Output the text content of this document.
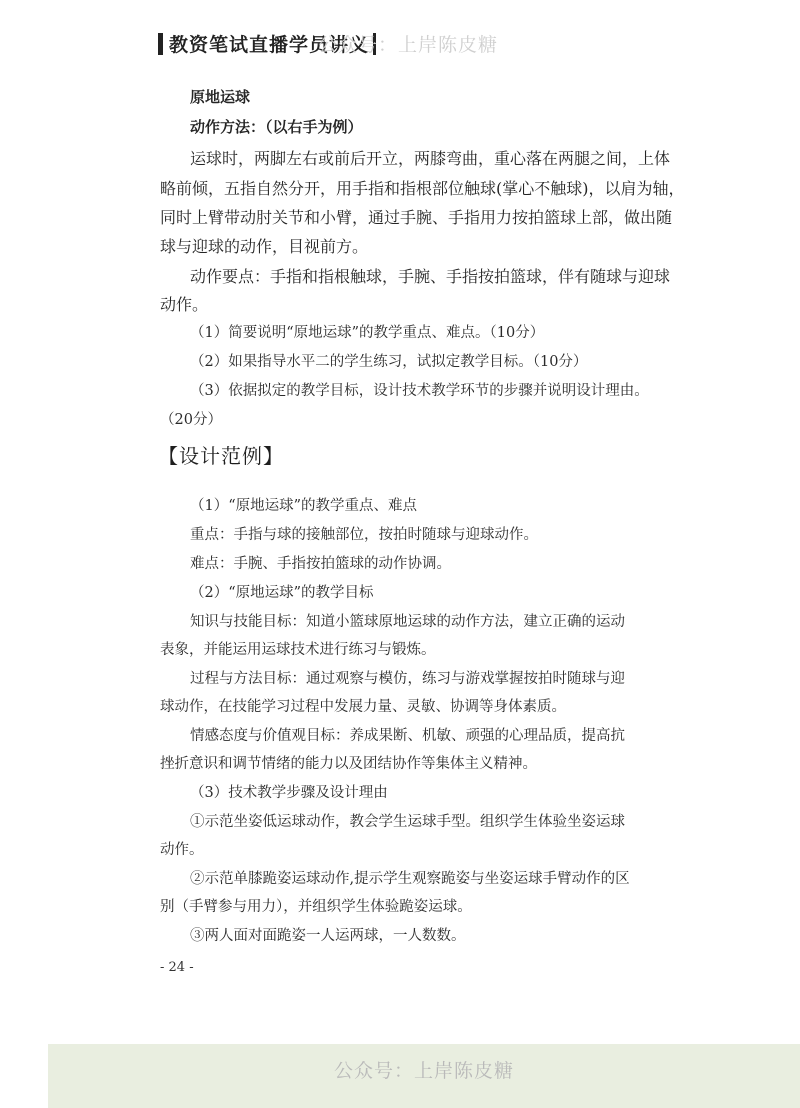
教资笔试直播学员讲义
公众号：上岸陈皮糖
原地运球
动作方法：（以右手为例）
运球时，两脚左右或前后开立，两膝弯曲，重心落在两腿之间，上体
略前倾，五指自然分开，用手指和指根部位触球(掌心不触球)，以肩为轴，
同时上臂带动肘关节和小臂，通过手腕、手指用力按拍篮球上部，做出随
球与迎球的动作，目视前方。
动作要点：手指和指根触球，手腕、手指按拍篮球，伴有随球与迎球
动作。
（1）简要说明“原地运球”的教学重点、难点。（10分）
（2）如果指导水平二的学生练习，试拟定教学目标。（10分）
（3）依据拟定的教学目标，设计技术教学环节的步骤并说明设计理由。
（20分）
【设计范例】
（1）“原地运球”的教学重点、难点
重点：手指与球的接触部位，按拍时随球与迎球动作。
难点：手腕、手指按拍篮球的动作协调。
（2）“原地运球”的教学目标
知识与技能目标：知道小篮球原地运球的动作方法，建立正确的运动
表象，并能运用运球技术进行练习与锻炼。
过程与方法目标：通过观察与模仿，练习与游戏掌握按拍时随球与迎
球动作，在技能学习过程中发展力量、灵敏、协调等身体素质。
情感态度与价值观目标：养成果断、机敏、顽强的心理品质，提高抗
挫折意识和调节情绪的能力以及团结协作等集体主义精神。
（3）技术教学步骤及设计理由
①示范坐姿低运球动作，教会学生运球手型。组织学生体验坐姿运球
动作。
②示范单膝跪姿运球动作,提示学生观察跪姿与坐姿运球手臂动作的区
别（手臂参与用力），并组织学生体验跪姿运球。
③两人面对面跪姿一人运两球，一人数数。
- 24 -
公众号：上岸陈皮糖
